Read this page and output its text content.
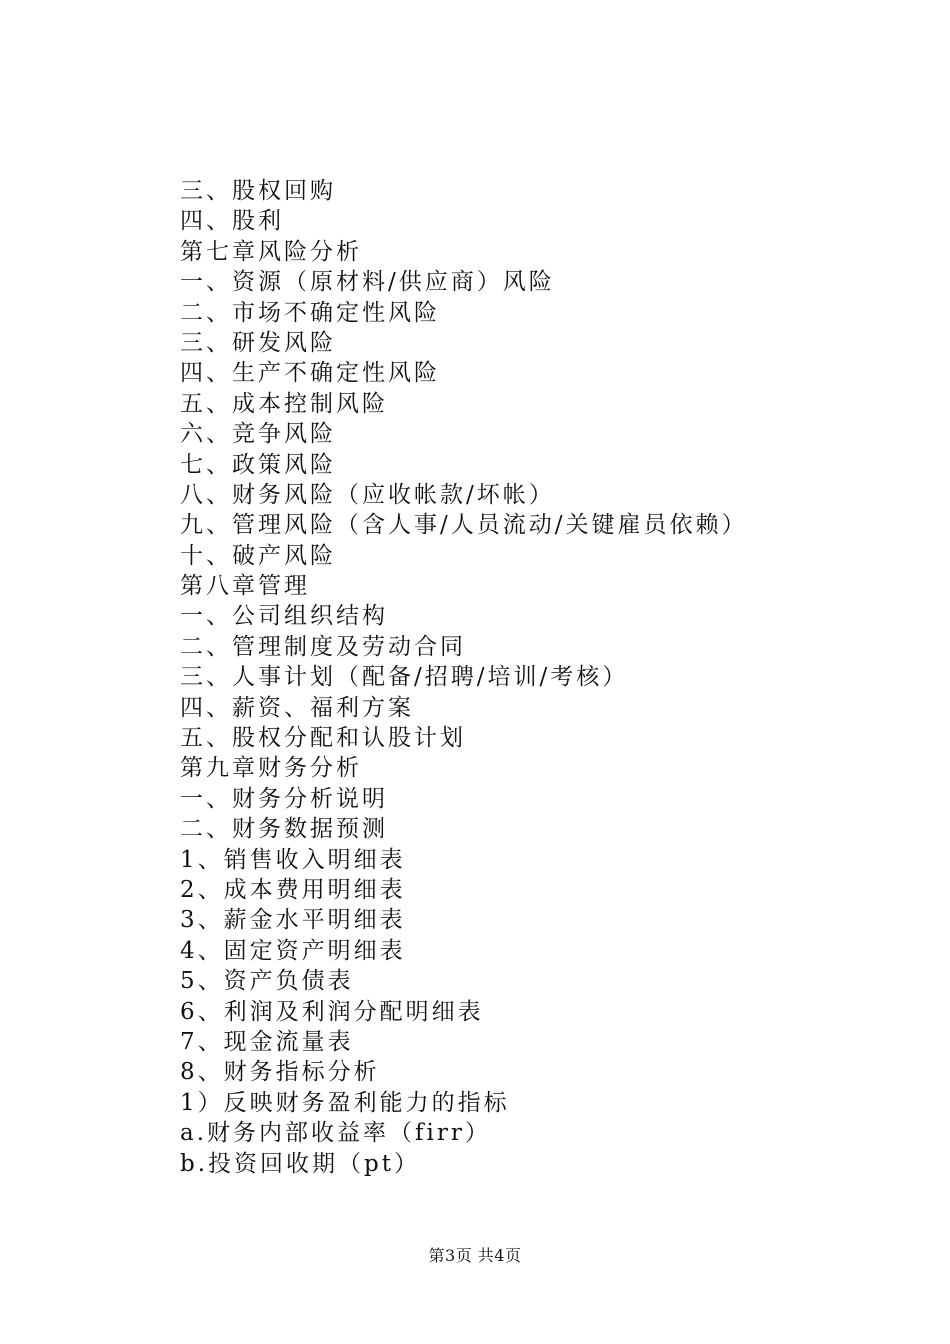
三、股权回购
四、股利
第七章风险分析
一、资源（原材料/供应商）风险
二、市场不确定性风险
三、研发风险
四、生产不确定性风险
五、成本控制风险
六、竞争风险
七、政策风险
八、财务风险（应收帐款/坏帐）
九、管理风险（含人事/人员流动/关键雇员依赖）
十、破产风险
第八章管理
一、公司组织结构
二、管理制度及劳动合同
三、人事计划（配备/招聘/培训/考核）
四、薪资、福利方案
五、股权分配和认股计划
第九章财务分析
一、财务分析说明
二、财务数据预测
1、销售收入明细表
2、成本费用明细表
3、薪金水平明细表
4、固定资产明细表
5、资产负债表
6、利润及利润分配明细表
7、现金流量表
8、财务指标分析
1）反映财务盈利能力的指标
a.财务内部收益率（firr）
b.投资回收期（pt）
第3页 共4页
